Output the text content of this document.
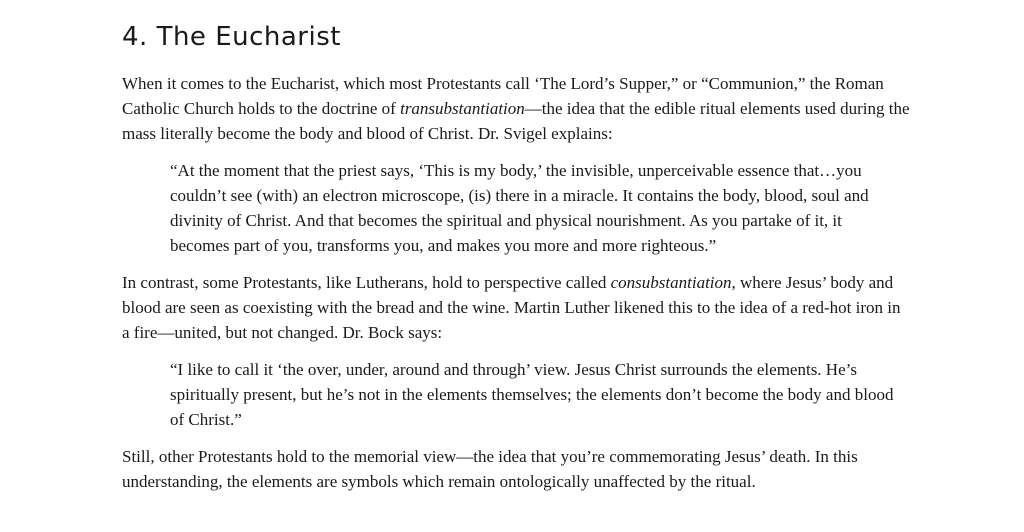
4. The Eucharist

When it comes to the Eucharist, which most Protestants call ‘The Lord’s Supper,” or “Communion,” the Roman Catholic Church holds to the doctrine of transubstantiation—the idea that the edible ritual elements used during the mass literally become the body and blood of Christ. Dr. Svigel explains:

“At the moment that the priest says, ‘This is my body,’ the invisible, unperceivable essence that…you couldn’t see (with) an electron microscope, (is) there in a miracle. It contains the body, blood, soul and divinity of Christ. And that becomes the spiritual and physical nourishment. As you partake of it, it becomes part of you, transforms you, and makes you more and more righteous.”

In contrast, some Protestants, like Lutherans, hold to perspective called consubstantiation, where Jesus’ body and blood are seen as coexisting with the bread and the wine. Martin Luther likened this to the idea of a red-hot iron in a fire—united, but not changed. Dr. Bock says:

“I like to call it ‘the over, under, around and through’ view. Jesus Christ surrounds the elements. He’s spiritually present, but he’s not in the elements themselves; the elements don’t become the body and blood of Christ.”

Still, other Protestants hold to the memorial view—the idea that you’re commemorating Jesus’ death. In this understanding, the elements are symbols which remain ontologically unaffected by the ritual.
